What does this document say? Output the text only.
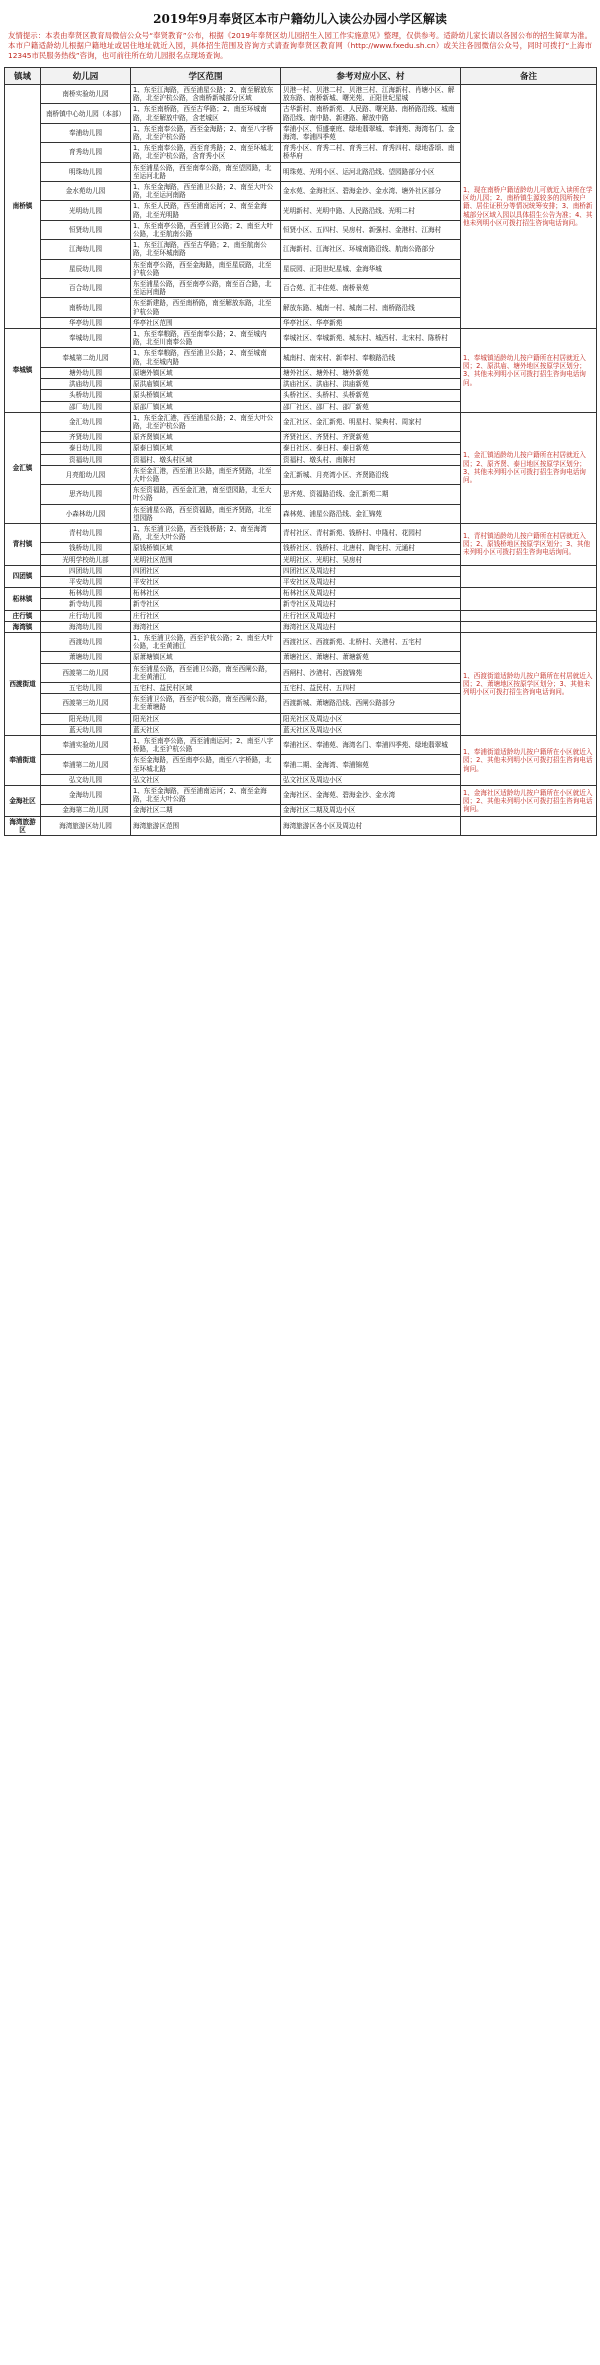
2019年9月奉贤区本市户籍幼儿入读公办园小学区解读
友情提示：本表由奉贤区教育局微信公众号“奉贤教育”公布，根据《2019年奉贤区幼儿园招生入园工作实施意见》整理，仅供参考。适龄幼儿家长请以各园公布的招生简章为准。本市户籍适龄幼儿根据户籍地址或居住地址就近入园，具体招生范围及咨询方式请查询奉贤区教育网（http://www.fxedu.sh.cn）或关注各园微信公众号，同时可拨打“上海市12345市民服务热线”咨询，也可前往所在幼儿园报名点现场查询。
镇域	幼儿园	学区范围	参考对应小区、村	备注
南桥镇	南桥实验幼儿园	1、东至江海路，西至浦星公路；2、南至解放东路，北至沪杭公路，含南桥新城部分区域	贝港一村、贝港二村、贝港三村、江海新村、肖塘小区、解放东路、南桥新城、曙光苑、正阳世纪星城	1、现在南桥户籍适龄幼儿可就近入读所在学区幼儿园；2、南桥镇生源较多的园所按户籍、居住证积分等情况统筹安排；3、南桥新城部分区域入园以具体招生公告为准；4、其他未列明小区可拨打招生咨询电话询问。
	南桥镇中心幼儿园（本部）	1、东至南桥路，西至古华路；2、南至环城南路，北至解放中路，含老城区	古华新村、南桥新苑、人民路、曙光路、南桥路沿线、城南路沿线、南中路、新建路、解放中路	
	奉浦幼儿园	1、东至南奉公路，西至金海路；2、南至八字桥路，北至沪杭公路	奉浦小区、恒盛豪庭、绿地翡翠城、奉浦苑、海湾名门、金海湾、奉浦四季苑	
	育秀幼儿园	1、东至南奉公路，西至育秀路；2、南至环城北路，北至沪杭公路，含育秀小区	育秀小区、育秀二村、育秀三村、育秀四村、绿地香颂、南桥华府	
	明珠幼儿园	东至浦星公路，西至南奉公路，南至望园路，北至运河北路	明珠苑、光明小区、运河北路沿线、望园路部分小区	
	金水苑幼儿园	1、东至金海路，西至浦卫公路；2、南至大叶公路，北至运河南路	金水苑、金海社区、碧海金沙、金水湾、塘外社区部分	
	光明幼儿园	1、东至人民路，西至浦南运河；2、南至金海路，北至光明路	光明新村、光明中路、人民路沿线、光明二村	
	恒贤幼儿园	1、东至南亭公路，西至浦卫公路；2、南至大叶公路，北至航南公路	恒贤小区、五四村、吴房村、新强村、金港村、江海村	
	江海幼儿园	1、东至江海路，西至古华路；2、南至航南公路，北至环城南路	江海新村、江海社区、环城南路沿线、航南公路部分	
	星辰幼儿园	东至南亭公路，西至金海路，南至星辰路，北至沪杭公路	星辰园、正阳世纪星城、金海华城	
	百合幼儿园	东至浦星公路，西至南亭公路，南至百合路，北至运河南路	百合苑、汇丰佳苑、南桥景苑	
	南桥幼儿园	东至新建路，西至南桥路，南至解放东路，北至沪杭公路	解放东路、城南一村、城南二村、南桥路沿线	
	华亭幼儿园	华亭社区范围	华亭社区、华亭新苑	
奉城镇	奉城幼儿园	1、东至奉粮路，西至南奉公路；2、南至城内路，北至川南奉公路	奉城社区、奉城新苑、城东村、城西村、北宋村、陈桥村	1、奉城镇适龄幼儿按户籍所在村居就近入园；2、原洪庙、塘外地区按原学区划分；3、其他未列明小区可拨打招生咨询电话询问。
	奉城第二幼儿园	1、东至奉粮路，西至浦卫公路；2、南至城南路，北至城内路	城南村、南宋村、新奉村、奉粮路沿线	
	塘外幼儿园	原塘外镇区域	塘外社区、塘外村、塘外新苑	
	洪庙幼儿园	原洪庙镇区域	洪庙社区、洪庙村、洪庙新苑	
	头桥幼儿园	原头桥镇区域	头桥社区、头桥村、头桥新苑	
	邵厂幼儿园	原邵厂镇区域	邵厂社区、邵厂村、邵厂新苑	
金汇镇	金汇幼儿园	1、东至金汇港，西至浦星公路；2、南至大叶公路，北至沪杭公路	金汇社区、金汇新苑、明星村、梁典村、周家村	1、金汇镇适龄幼儿按户籍所在村居就近入园；2、原齐贤、泰日地区按原学区划分；3、其他未列明小区可拨打招生咨询电话询问。
	齐贤幼儿园	原齐贤镇区域	齐贤社区、齐贤村、齐贤新苑	
	泰日幼儿园	原泰日镇区域	泰日社区、泰日村、泰日新苑	
	资福幼儿园	资福村、墩头村区域	资福村、墩头村、南陈村	
	月亮船幼儿园	东至金汇港，西至浦卫公路，南至齐贤路，北至大叶公路	金汇新城、月亮湾小区、齐贤路沿线	
	思齐幼儿园	东至资福路，西至金汇港，南至望园路，北至大叶公路	思齐苑、资福路沿线、金汇新苑二期	
	小森林幼儿园	东至浦星公路，西至资福路，南至齐贤路，北至望园路	森林苑、浦星公路沿线、金汇锦苑	
青村镇	青村幼儿园	1、东至浦卫公路，西至钱桥路；2、南至海湾路，北至大叶公路	青村社区、青村新苑、钱桥村、申隆村、花园村	1、青村镇适龄幼儿按户籍所在村居就近入园；2、原钱桥地区按原学区划分；3、其他未列明小区可拨打招生咨询电话询问。
	钱桥幼儿园	原钱桥镇区域	钱桥社区、钱桥村、北唐村、陶宅村、元通村	
	光明学校幼儿部	光明社区范围	光明社区、光明村、吴房村	
四团镇	四团幼儿园	四团社区	四团社区及周边村	
	平安幼儿园	平安社区	平安社区及周边村	
柘林镇	柘林幼儿园	柘林社区	柘林社区及周边村	
	新寺幼儿园	新寺社区	新寺社区及周边村	
庄行镇	庄行幼儿园	庄行社区	庄行社区及周边村	
海湾镇	海湾幼儿园	海湾社区	海湾社区及周边村	
西渡街道	西渡幼儿园	1、东至浦卫公路，西至沪杭公路；2、南至大叶公路，北至黄浦江	西渡社区、西渡新苑、北桥村、关港村、五宅村	1、西渡街道适龄幼儿按户籍所在村居就近入园；2、萧塘地区按原学区划分；3、其他未列明小区可拨打招生咨询电话询问。
	萧塘幼儿园	原萧塘镇区域	萧塘社区、萧塘村、萧塘新苑	
	西渡第二幼儿园	东至浦星公路，西至浦卫公路，南至西闸公路，北至黄浦江	西闸村、沙港村、西渡锦苑	
	五宅幼儿园	五宅村、益民村区域	五宅村、益民村、五四村	
	西渡第三幼儿园	东至浦卫公路，西至沪杭公路，南至西闸公路，北至萧塘路	西渡新城、萧塘路沿线、西闸公路部分	
	阳光幼儿园	阳光社区	阳光社区及周边小区	
	蓝天幼儿园	蓝天社区	蓝天社区及周边小区	
奉浦街道	奉浦实验幼儿园	1、东至南亭公路，西至浦南运河；2、南至八字桥路，北至沪杭公路	奉浦社区、奉浦苑、海湾名门、奉浦四季苑、绿地翡翠城	1、奉浦街道适龄幼儿按户籍所在小区就近入园；2、其他未列明小区可拨打招生咨询电话询问。
	奉浦第二幼儿园	东至金海路，西至南亭公路，南至八字桥路，北至环城北路	奉浦二期、金海湾、奉浦锦苑	
	弘文幼儿园	弘文社区	弘文社区及周边小区	
金海社区	金海幼儿园	1、东至金海路，西至浦南运河；2、南至金海路，北至大叶公路	金海社区、金海苑、碧海金沙、金水湾	1、金海社区适龄幼儿按户籍所在小区就近入园；2、其他未列明小区可拨打招生咨询电话询问。
	金海第二幼儿园	金海社区二期	金海社区二期及周边小区	
海湾旅游区	海湾旅游区幼儿园	海湾旅游区范围	海湾旅游区各小区及周边村	
